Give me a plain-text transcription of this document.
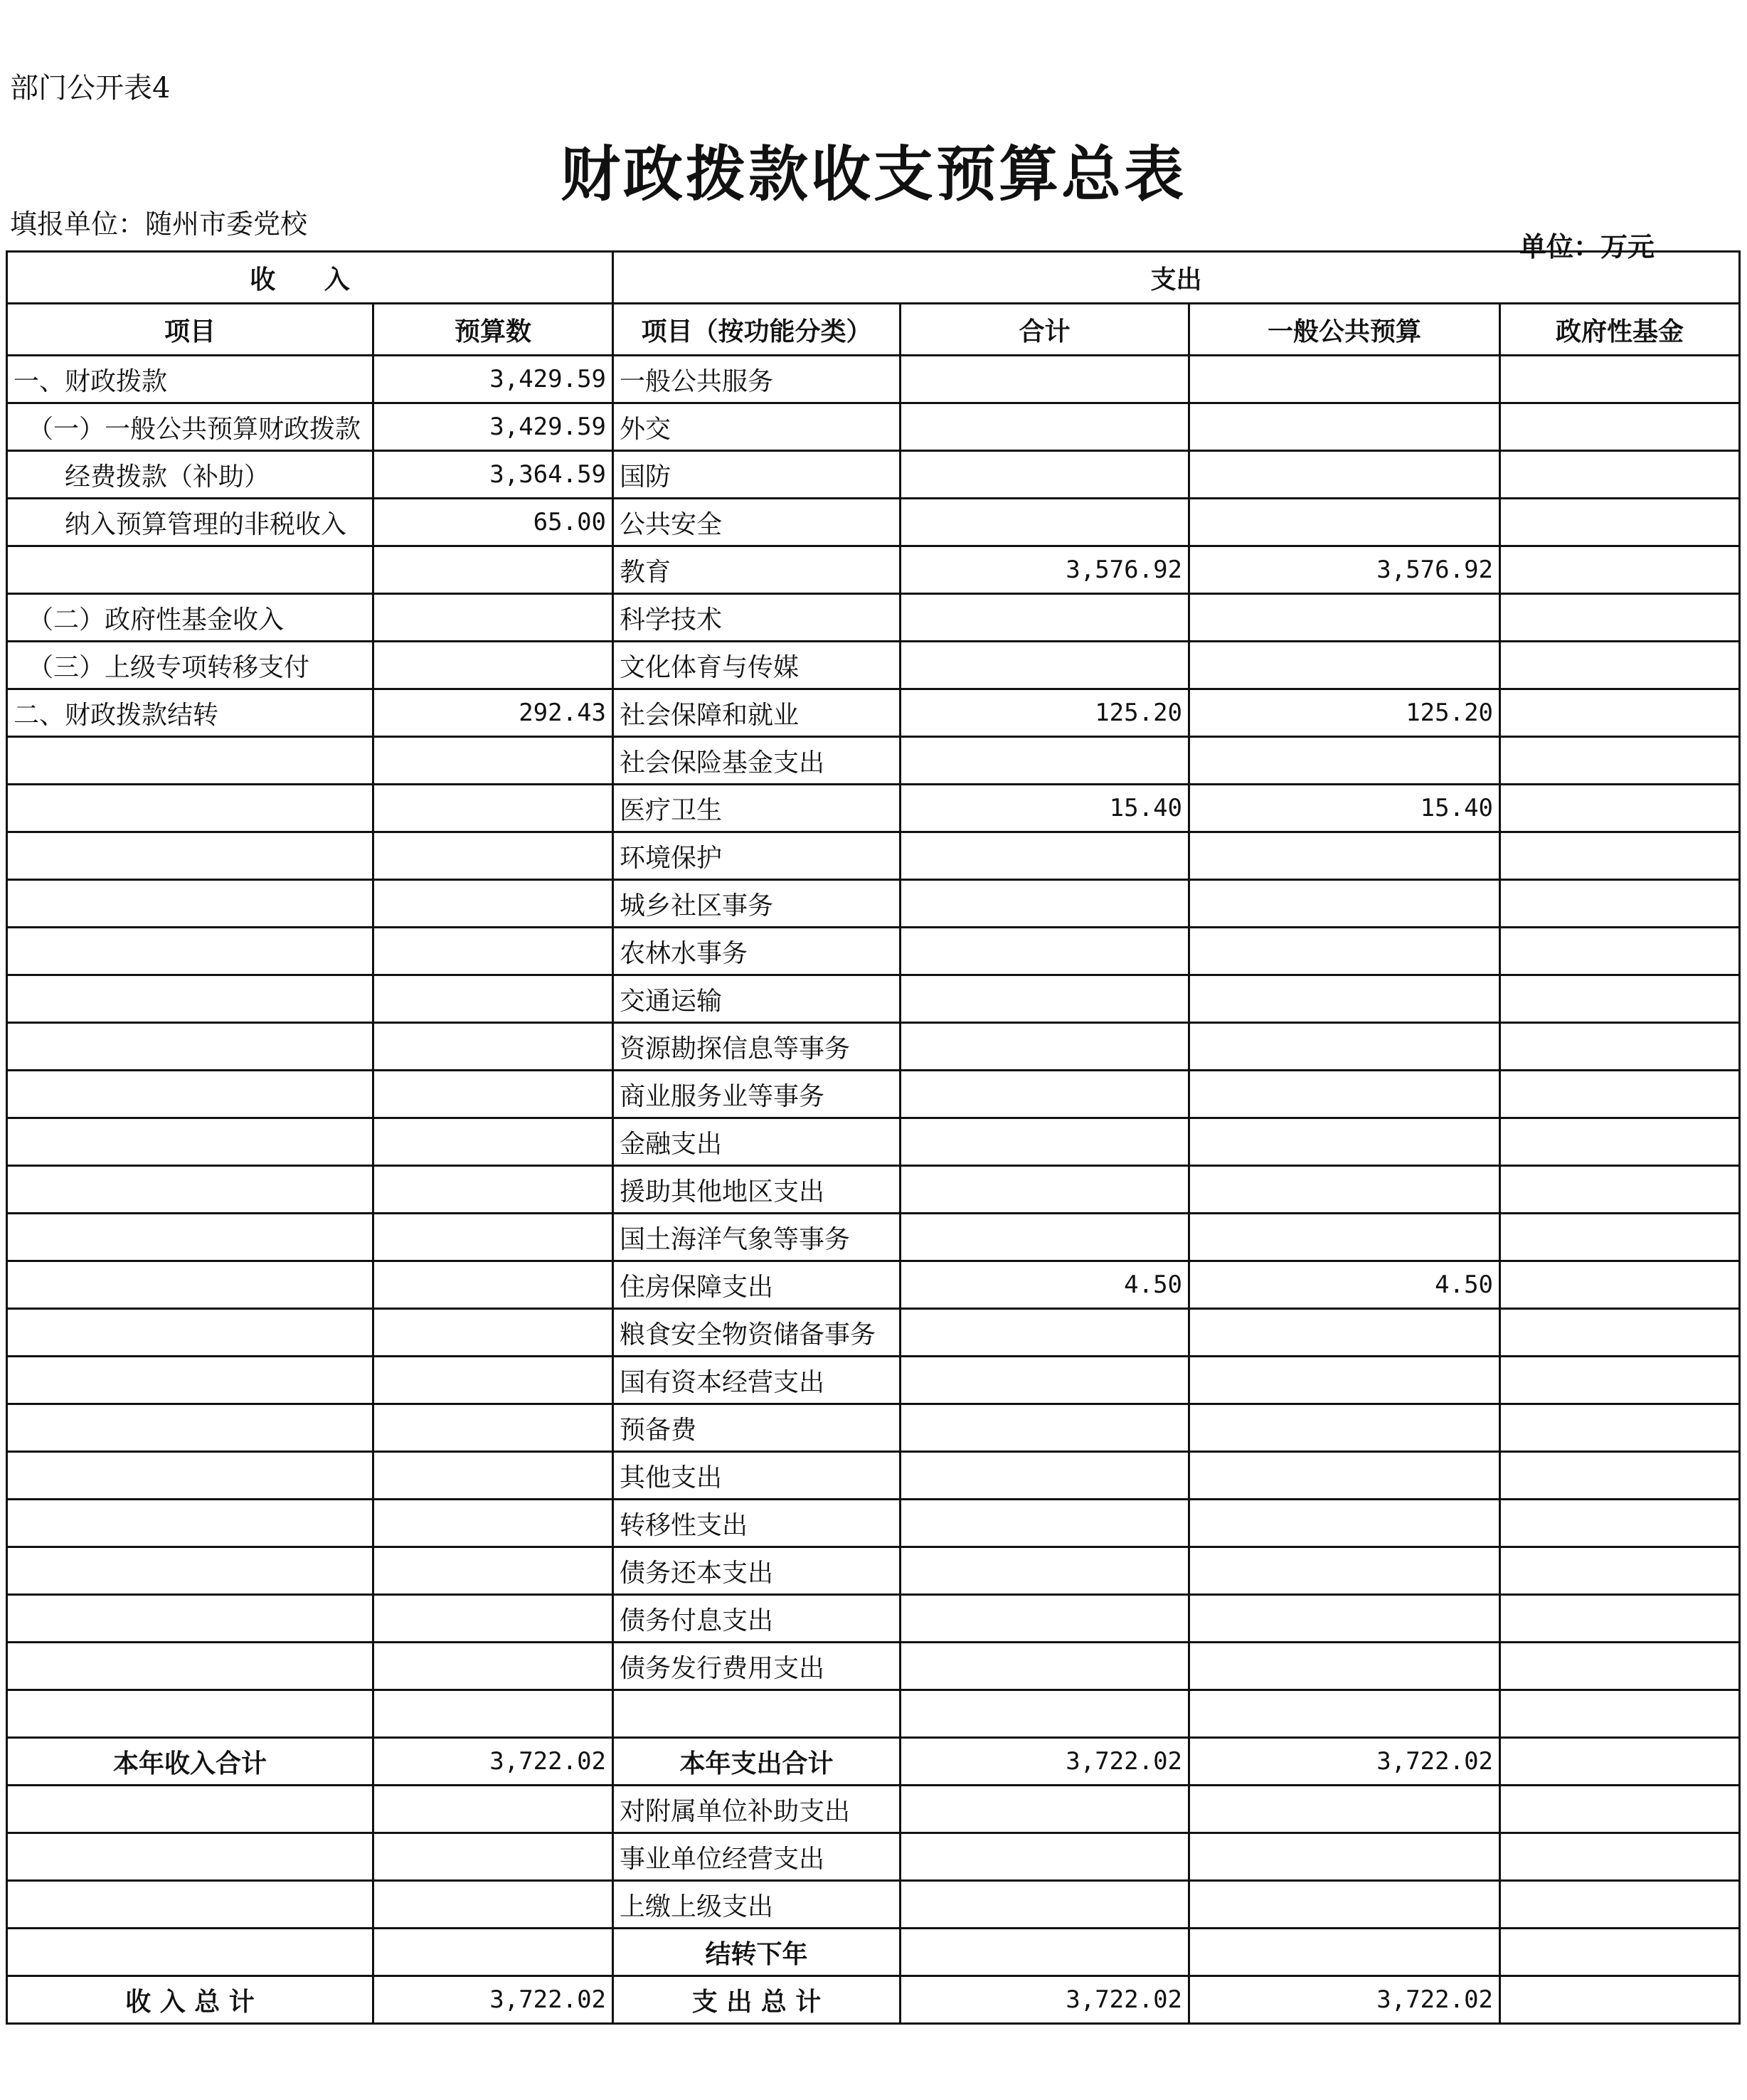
部门公开表4
财政拨款收支预算总表
填报单位：随州市委党校
单位：万元
收 入		支出			
项目	预算数	项目（按功能分类）	合计	一般公共预算	政府性基金
一、财政拨款	3,429.59	一般公共服务			
（一）一般公共预算财政拨款	3,429.59	外交			
经费拨款（补助）	3,364.59	国防			
纳入预算管理的非税收入	65.00	公共安全			
		教育	3,576.92	3,576.92	
（二）政府性基金收入		科学技术			
（三）上级专项转移支付		文化体育与传媒			
二、财政拨款结转	292.43	社会保障和就业	125.20	125.20	
		社会保险基金支出			
		医疗卫生	15.40	15.40	
		环境保护			
		城乡社区事务			
		农林水事务			
		交通运输			
		资源勘探信息等事务			
		商业服务业等事务			
		金融支出			
		援助其他地区支出			
		国土海洋气象等事务			
		住房保障支出	4.50	4.50	
		粮食安全物资储备事务			
		国有资本经营支出			
		预备费			
		其他支出			
		转移性支出			
		债务还本支出			
		债务付息支出			
		债务发行费用支出			

本年收入合计	3,722.02	本年支出合计	3,722.02	3,722.02	
		对附属单位补助支出			
		事业单位经营支出			
		上缴上级支出			
		结转下年			
收 入 总 计	3,722.02	支 出 总 计	3,722.02	3,722.02	
